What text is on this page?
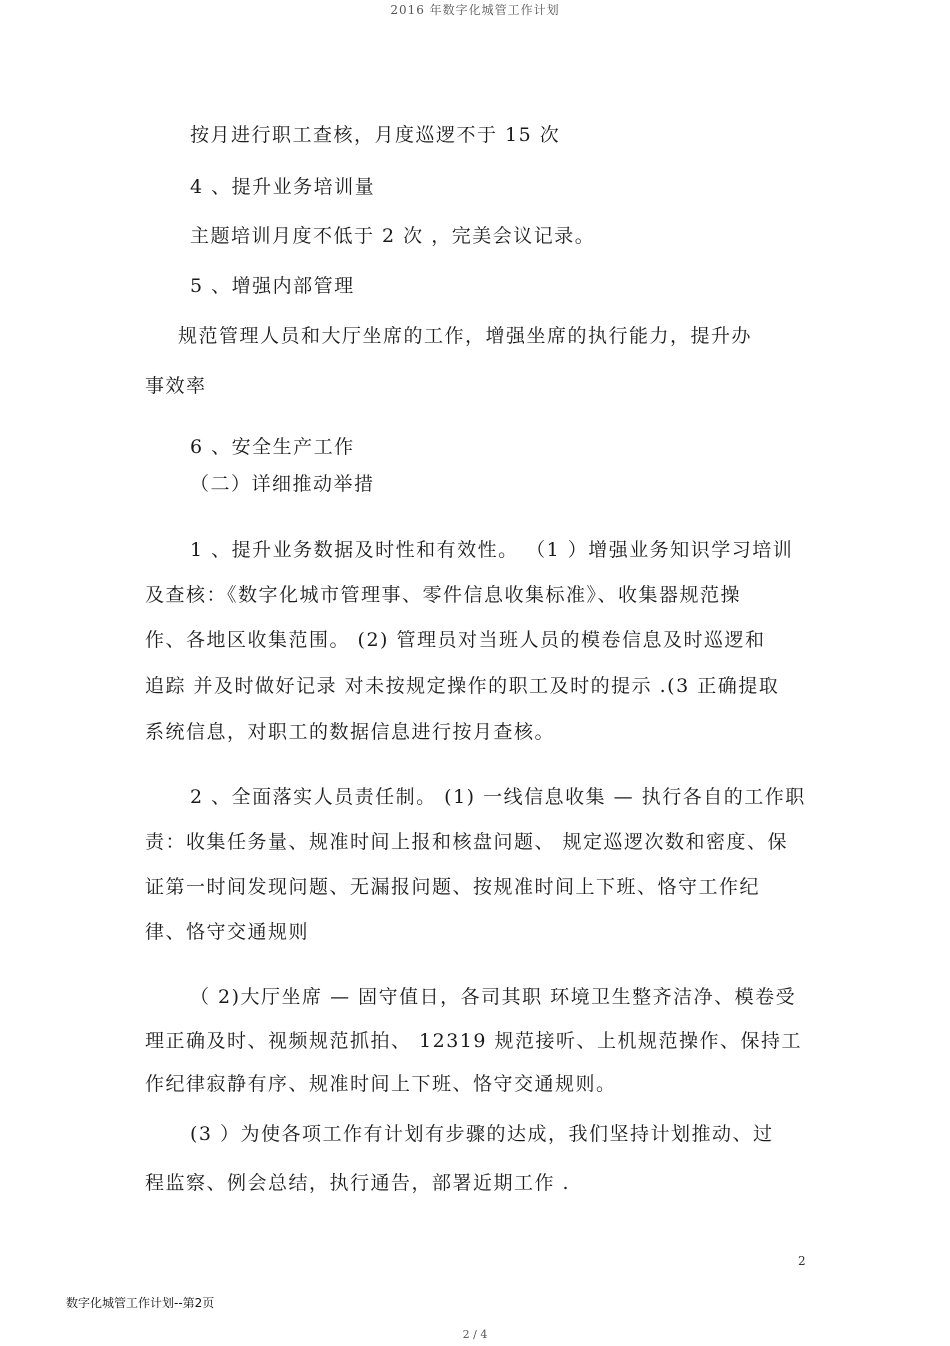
2016 年数字化城管工作计划
按月进行职工查核，月度巡逻不于 15 次
4 、提升业务培训量
主题培训月度不低于 2 次 ，完美会议记录。
5 、增强内部管理
规范管理人员和大厅坐席的工作，增强坐席的执行能力，提升办
事效率
6 、安全生产工作
（二）详细推动举措
1 、提升业务数据及时性和有效性。 （1 ）增强业务知识学习培训
及查核：《数字化城市管理事、零件信息收集标准》、收集器规范操
作、各地区收集范围。 (2) 管理员对当班人员的模卷信息及时巡逻和
追踪 并及时做好记录 对未按规定操作的职工及时的提示 .(3 正确提取
系统信息，对职工的数据信息进行按月查核。
2 、全面落实人员责任制。 (1) 一线信息收集 — 执行各自的工作职
责：收集任务量、规准时间上报和核盘问题、 规定巡逻次数和密度、保
证第一时间发现问题、无漏报问题、按规准时间上下班、恪守工作纪
律、恪守交通规则
（ 2)大厅坐席 — 固守值日，各司其职 环境卫生整齐洁净、模卷受
理正确及时、视频规范抓拍、 12319 规范接听、上机规范操作、保持工
作纪律寂静有序、规准时间上下班、恪守交通规则。
(3 ）为使各项工作有计划有步骤的达成，我们坚持计划推动、过
程监察、例会总结，执行通告，部署近期工作 .
2
数字化城管工作计划--第2页
2 / 4
